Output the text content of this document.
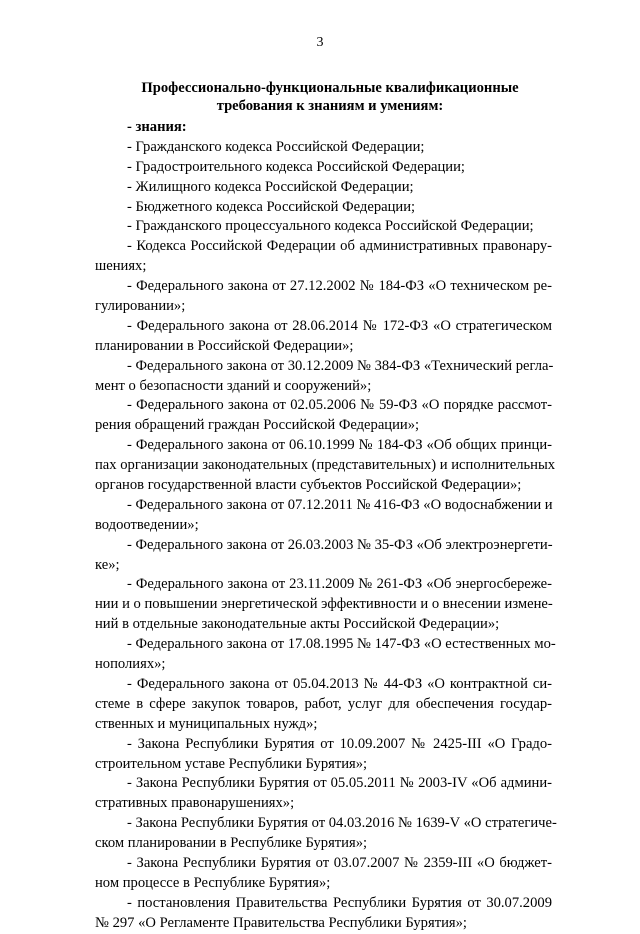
3
Профессионально-функциональные квалификационные
требования к знаниям и умениям:
- знания:
- Гражданского кодекса Российской Федерации;
- Градостроительного кодекса Российской Федерации;
- Жилищного кодекса Российской Федерации;
- Бюджетного кодекса Российской Федерации;
- Гражданского процессуального кодекса Российской Федерации;
- Кодекса Российской Федерации об административных правонару-
шениях;
- Федерального закона от 27.12.2002 № 184-ФЗ «О техническом ре-
гулировании»;
- Федерального закона от 28.06.2014 № 172-ФЗ «О стратегическом
планировании в Российской Федерации»;
- Федерального закона от 30.12.2009 № 384-ФЗ «Технический регла-
мент о безопасности зданий и сооружений»;
- Федерального закона от 02.05.2006 № 59-ФЗ «О порядке рассмот-
рения обращений граждан Российской Федерации»;
- Федерального закона от 06.10.1999 № 184-ФЗ «Об общих принци-
пах организации законодательных (представительных) и исполнительных
органов государственной власти субъектов Российской Федерации»;
- Федерального закона от 07.12.2011 № 416-ФЗ «О водоснабжении и
водоотведении»;
- Федерального закона от 26.03.2003 № 35-ФЗ «Об электроэнергети-
ке»;
- Федерального закона от 23.11.2009 № 261-ФЗ «Об энергосбереже-
нии и о повышении энергетической эффективности и о внесении измене-
ний в отдельные законодательные акты Российской Федерации»;
- Федерального закона от 17.08.1995 № 147-ФЗ «О естественных мо-
нополиях»;
- Федерального закона от 05.04.2013 № 44-ФЗ «О контрактной си-
стеме в сфере закупок товаров, работ, услуг для обеспечения государ-
ственных и муниципальных нужд»;
- Закона Республики Бурятия от 10.09.2007 № 2425-III «О Градо-
строительном уставе Республики Бурятия»;
- Закона Республики Бурятия от 05.05.2011 № 2003-IV «Об админи-
стративных правонарушениях»;
- Закона Республики Бурятия от 04.03.2016 № 1639-V «О стратегиче-
ском планировании в Республике Бурятия»;
- Закона Республики Бурятия от 03.07.2007 № 2359-III «О бюджет-
ном процессе в Республике Бурятия»;
- постановления Правительства Республики Бурятия от 30.07.2009
№ 297 «О Регламенте Правительства Республики Бурятия»;
